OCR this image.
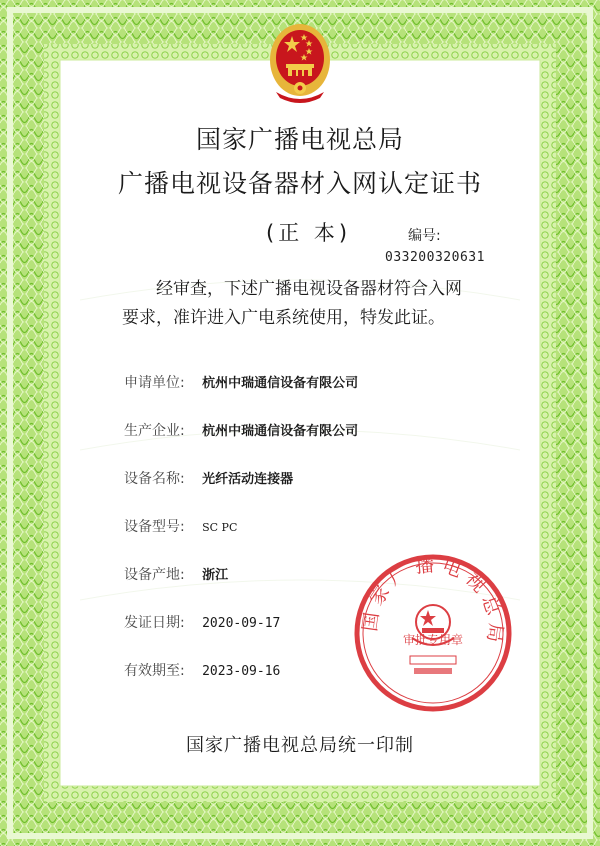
国家广播电视总局
广播电视设备器材入网认定证书
(正 本)	编号:
033200320631

经审查，下述广播电视设备器材符合入网

要求，准许进入广电系统使用，特发此证。

申请单位: 杭州中瑞通信设备有限公司
生产企业: 杭州中瑞通信设备有限公司
设备名称: 光纤活动连接器
设备型号: SC PC
设备产地: 浙江
发证日期: 2020-09-17
有效期至: 2023-09-16
国家广播电视总局
审批专用章
国家广播电视总局统一印制
